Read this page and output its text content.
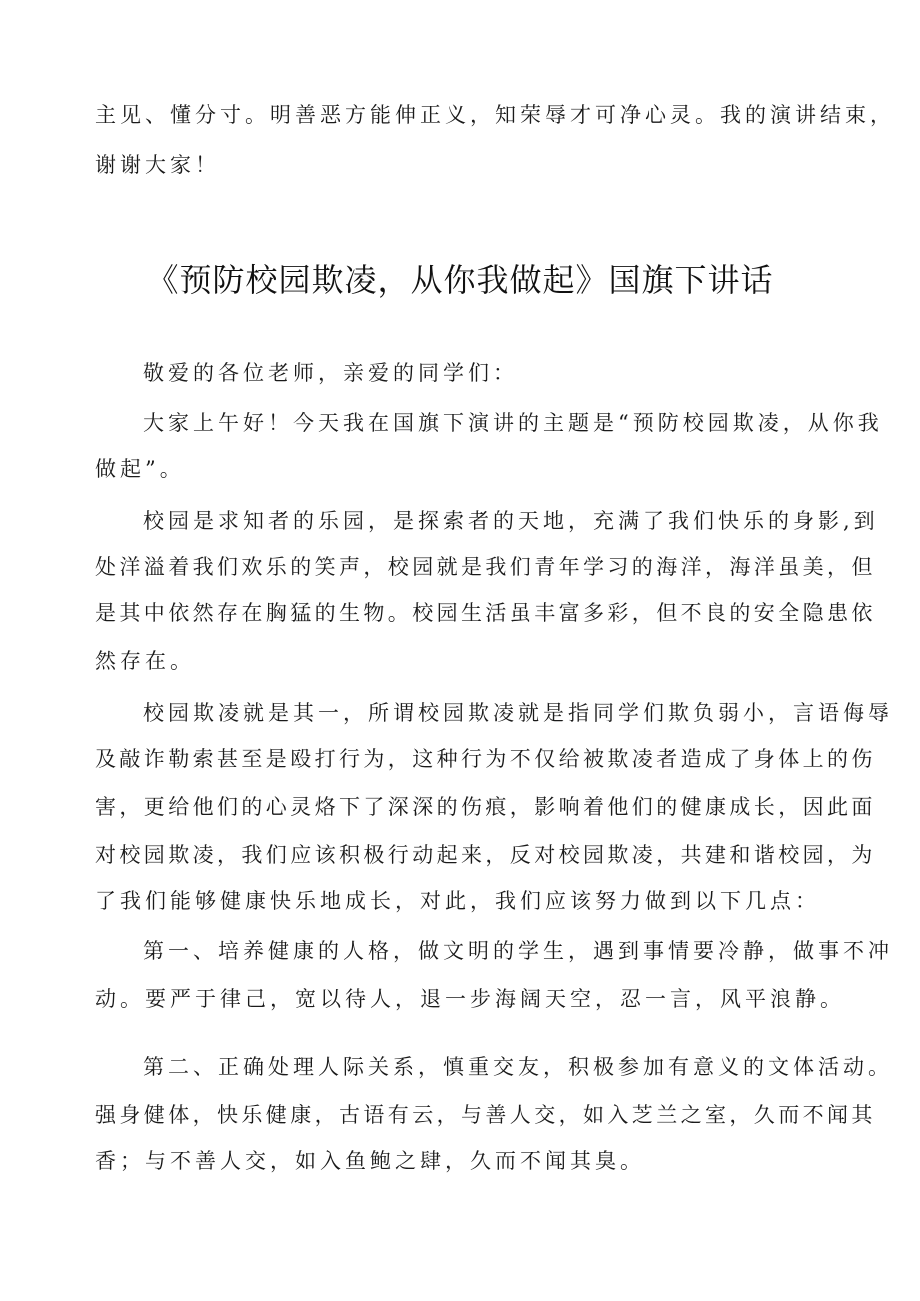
主见、懂分寸。明善恶方能伸正义，知荣辱才可净心灵。我的演讲结束，
谢谢大家！
《预防校园欺凌，从你我做起》国旗下讲话
敬爱的各位老师，亲爱的同学们：
大家上午好！今天我在国旗下演讲的主题是“预防校园欺凌，从你我
做起”。
校园是求知者的乐园，是探索者的天地，充满了我们快乐的身影,到
处洋溢着我们欢乐的笑声，校园就是我们青年学习的海洋，海洋虽美，但
是其中依然存在胸猛的生物。校园生活虽丰富多彩，但不良的安全隐患依
然存在。
校园欺凌就是其一，所谓校园欺凌就是指同学们欺负弱小，言语侮辱
及敲诈勒索甚至是殴打行为，这种行为不仅给被欺凌者造成了身体上的伤
害，更给他们的心灵烙下了深深的伤痕，影响着他们的健康成长，因此面
对校园欺凌，我们应该积极行动起来，反对校园欺凌，共建和谐校园，为
了我们能够健康快乐地成长，对此，我们应该努力做到以下几点：
第一、培养健康的人格，做文明的学生，遇到事情要冷静，做事不冲
动。要严于律己，宽以待人，退一步海阔天空，忍一言，风平浪静。
第二、正确处理人际关系，慎重交友，积极参加有意义的文体活动。
强身健体，快乐健康，古语有云，与善人交，如入芝兰之室，久而不闻其
香；与不善人交，如入鱼鲍之肆，久而不闻其臭。
